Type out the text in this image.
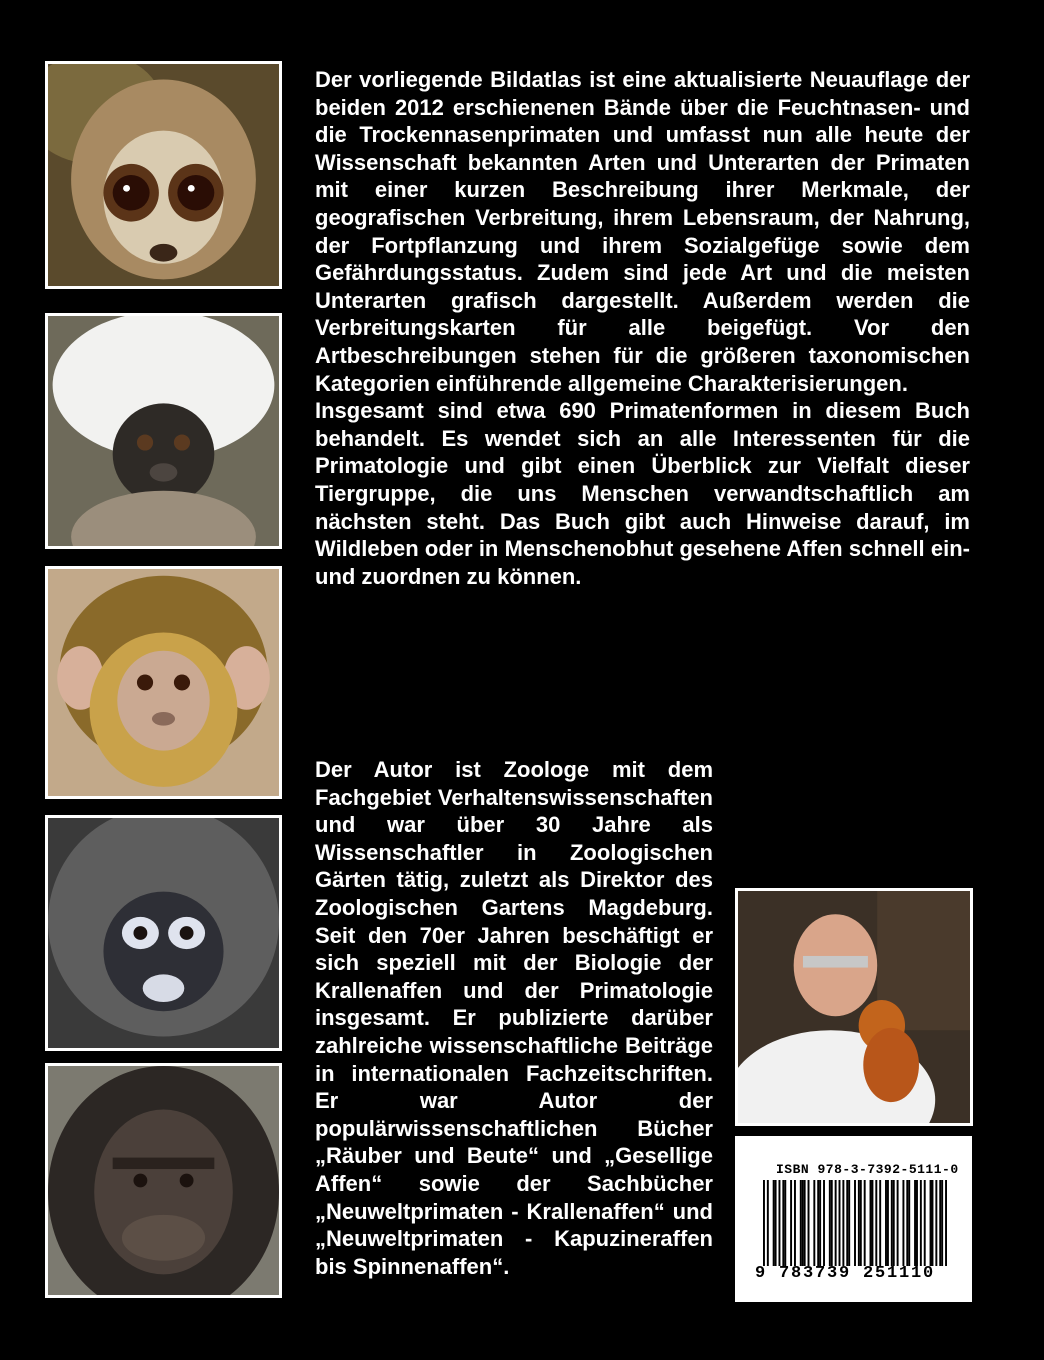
Der vorliegende Bildatlas ist eine aktualisierte Neuauflage der beiden 2012 erschienenen Bände über die Feuchtnasen- und die Trockennasenprimaten und umfasst nun alle heute der Wissenschaft bekannten Arten und Unterarten der Primaten mit einer kurzen Beschreibung ihrer Merkmale, der geografischen Verbreitung, ihrem Lebensraum, der Nahrung, der Fortpflanzung und ihrem Sozialgefüge sowie dem Gefährdungsstatus. Zudem sind jede Art und die meisten Unterarten grafisch dargestellt. Außerdem werden die Verbreitungskarten für alle beigefügt. Vor den Artbeschreibungen stehen für die größeren taxonomischen Kategorien einführende allgemeine Charakterisierungen.

Insgesamt sind etwa 690 Primatenformen in diesem Buch behandelt. Es wendet sich an alle Interessenten für die Primatologie und gibt einen Überblick zur Vielfalt dieser Tiergruppe, die uns Menschen verwandtschaftlich am nächsten steht. Das Buch gibt auch Hinweise darauf, im Wildleben oder in Menschenobhut gesehene Affen schnell ein- und zuordnen zu können.

Der Autor ist Zoologe mit dem Fachgebiet Verhaltenswissenschaften und war über 30 Jahre als Wissenschaftler in Zoologischen Gärten tätig, zuletzt als Direktor des Zoologischen Gartens Magdeburg. Seit den 70er Jahren beschäftigt er sich speziell mit der Biologie der Krallenaffen und der Primatologie insgesamt. Er publizierte darüber zahlreiche wissenschaftliche Beiträge in internationalen Fachzeitschriften. Er war Autor der populärwissenschaftlichen Bücher „Räuber und Beute“ und „Gesellige Affen“ sowie der Sachbücher „Neuweltprimaten - Krallenaffen“ und „Neuweltprimaten - Kapuzineraffen bis Spinnenaffen“.

ISBN 978-3-7392-5111-0
9 783739 251110
